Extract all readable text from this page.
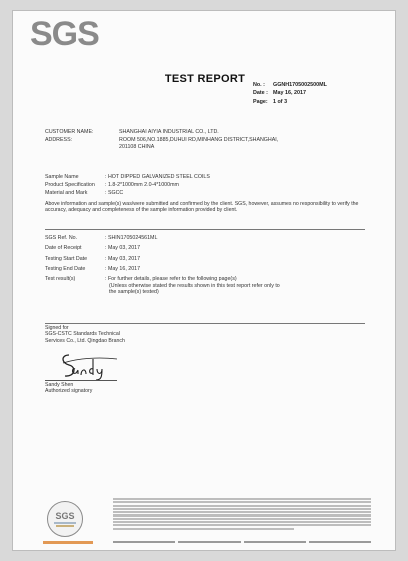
SGS
TEST REPORT
No. :	GGNH1705002500ML
Date : May 16, 2017
Page: 1 of 3
CUSTOMER NAME:	SHANGHAI AIYIA INDUSTRIAL CO., LTD.
ADDRESS:	ROOM 506,NO.1885,DUHUI RD,MINHANG DISTRICT,SHANGHAI,
201108 CHINA
Sample Name	: HOT DIPPED GALVANIZED STEEL COILS
Product Specification	: 1.8-2*1000mm 2.0-4*1000mm
Material and Mark	: SGCC
Above information and sample(s) was/were submitted and confirmed by the client. SGS, however, assumes no responsibility to verify the accuracy, adequacy and completeness of the sample information provided by client.
SGS Ref. No.	: SHIN1705024561ML
Date of Receipt	: May 03, 2017
Testing Start Date	: May 03, 2017
Testing End Date	: May 16, 2017
Test result(s)	: For further details, please refer to the following page(s)
(Unless otherwise stated the results shown in this test report refer only to
the sample(s) tested)
Signed for
SGS-CSTC Standards Technical
Services Co., Ltd. Qingdao Branch
Sandy Shen
Authorized signatory
SGS
